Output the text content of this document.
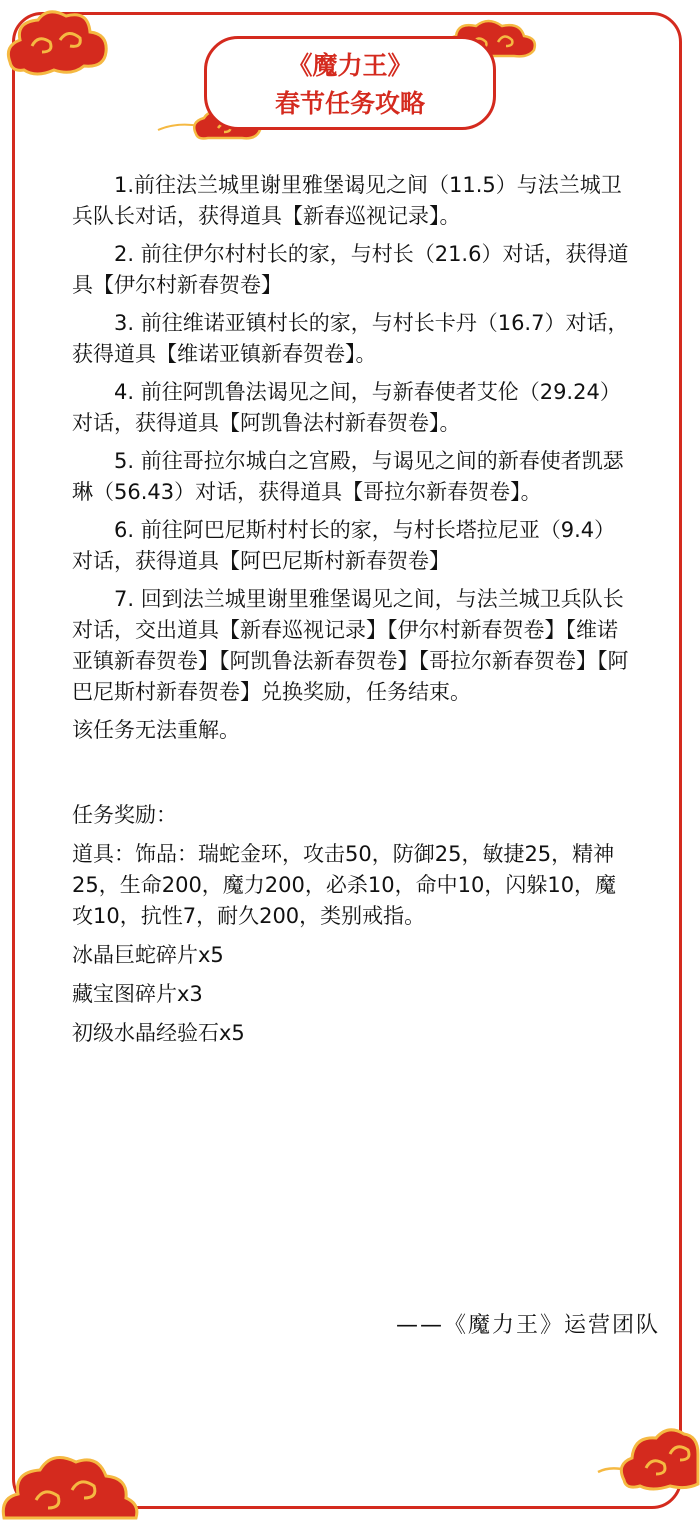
《魔力王》
春节任务攻略

1.前往法兰城里谢里雅堡谒见之间（11.5）与法兰城卫兵队长对话，获得道具【新春巡视记录】。

2. 前往伊尔村村长的家，与村长（21.6）对话，获得道具【伊尔村新春贺卷】

3. 前往维诺亚镇村长的家，与村长卡丹（16.7）对话，获得道具【维诺亚镇新春贺卷】。

4. 前往阿凯鲁法谒见之间，与新春使者艾伦（29.24）对话，获得道具【阿凯鲁法村新春贺卷】。

5. 前往哥拉尔城白之宫殿，与谒见之间的新春使者凯瑟琳（56.43）对话，获得道具【哥拉尔新春贺卷】。

6. 前往阿巴尼斯村村长的家，与村长塔拉尼亚（9.4）对话，获得道具【阿巴尼斯村新春贺卷】

7. 回到法兰城里谢里雅堡谒见之间，与法兰城卫兵队长对话，交出道具【新春巡视记录】【伊尔村新春贺卷】【维诺亚镇新春贺卷】【阿凯鲁法新春贺卷】【哥拉尔新春贺卷】【阿巴尼斯村新春贺卷】兑换奖励，任务结束。

该任务无法重解。

任务奖励：

道具：饰品：瑞蛇金环，攻击50，防御25，敏捷25，精神25，生命200，魔力200，必杀10，命中10，闪躲10，魔攻10，抗性7，耐久200，类别戒指。

冰晶巨蛇碎片x5

藏宝图碎片x3

初级水晶经验石x5

——《魔力王》运营团队
